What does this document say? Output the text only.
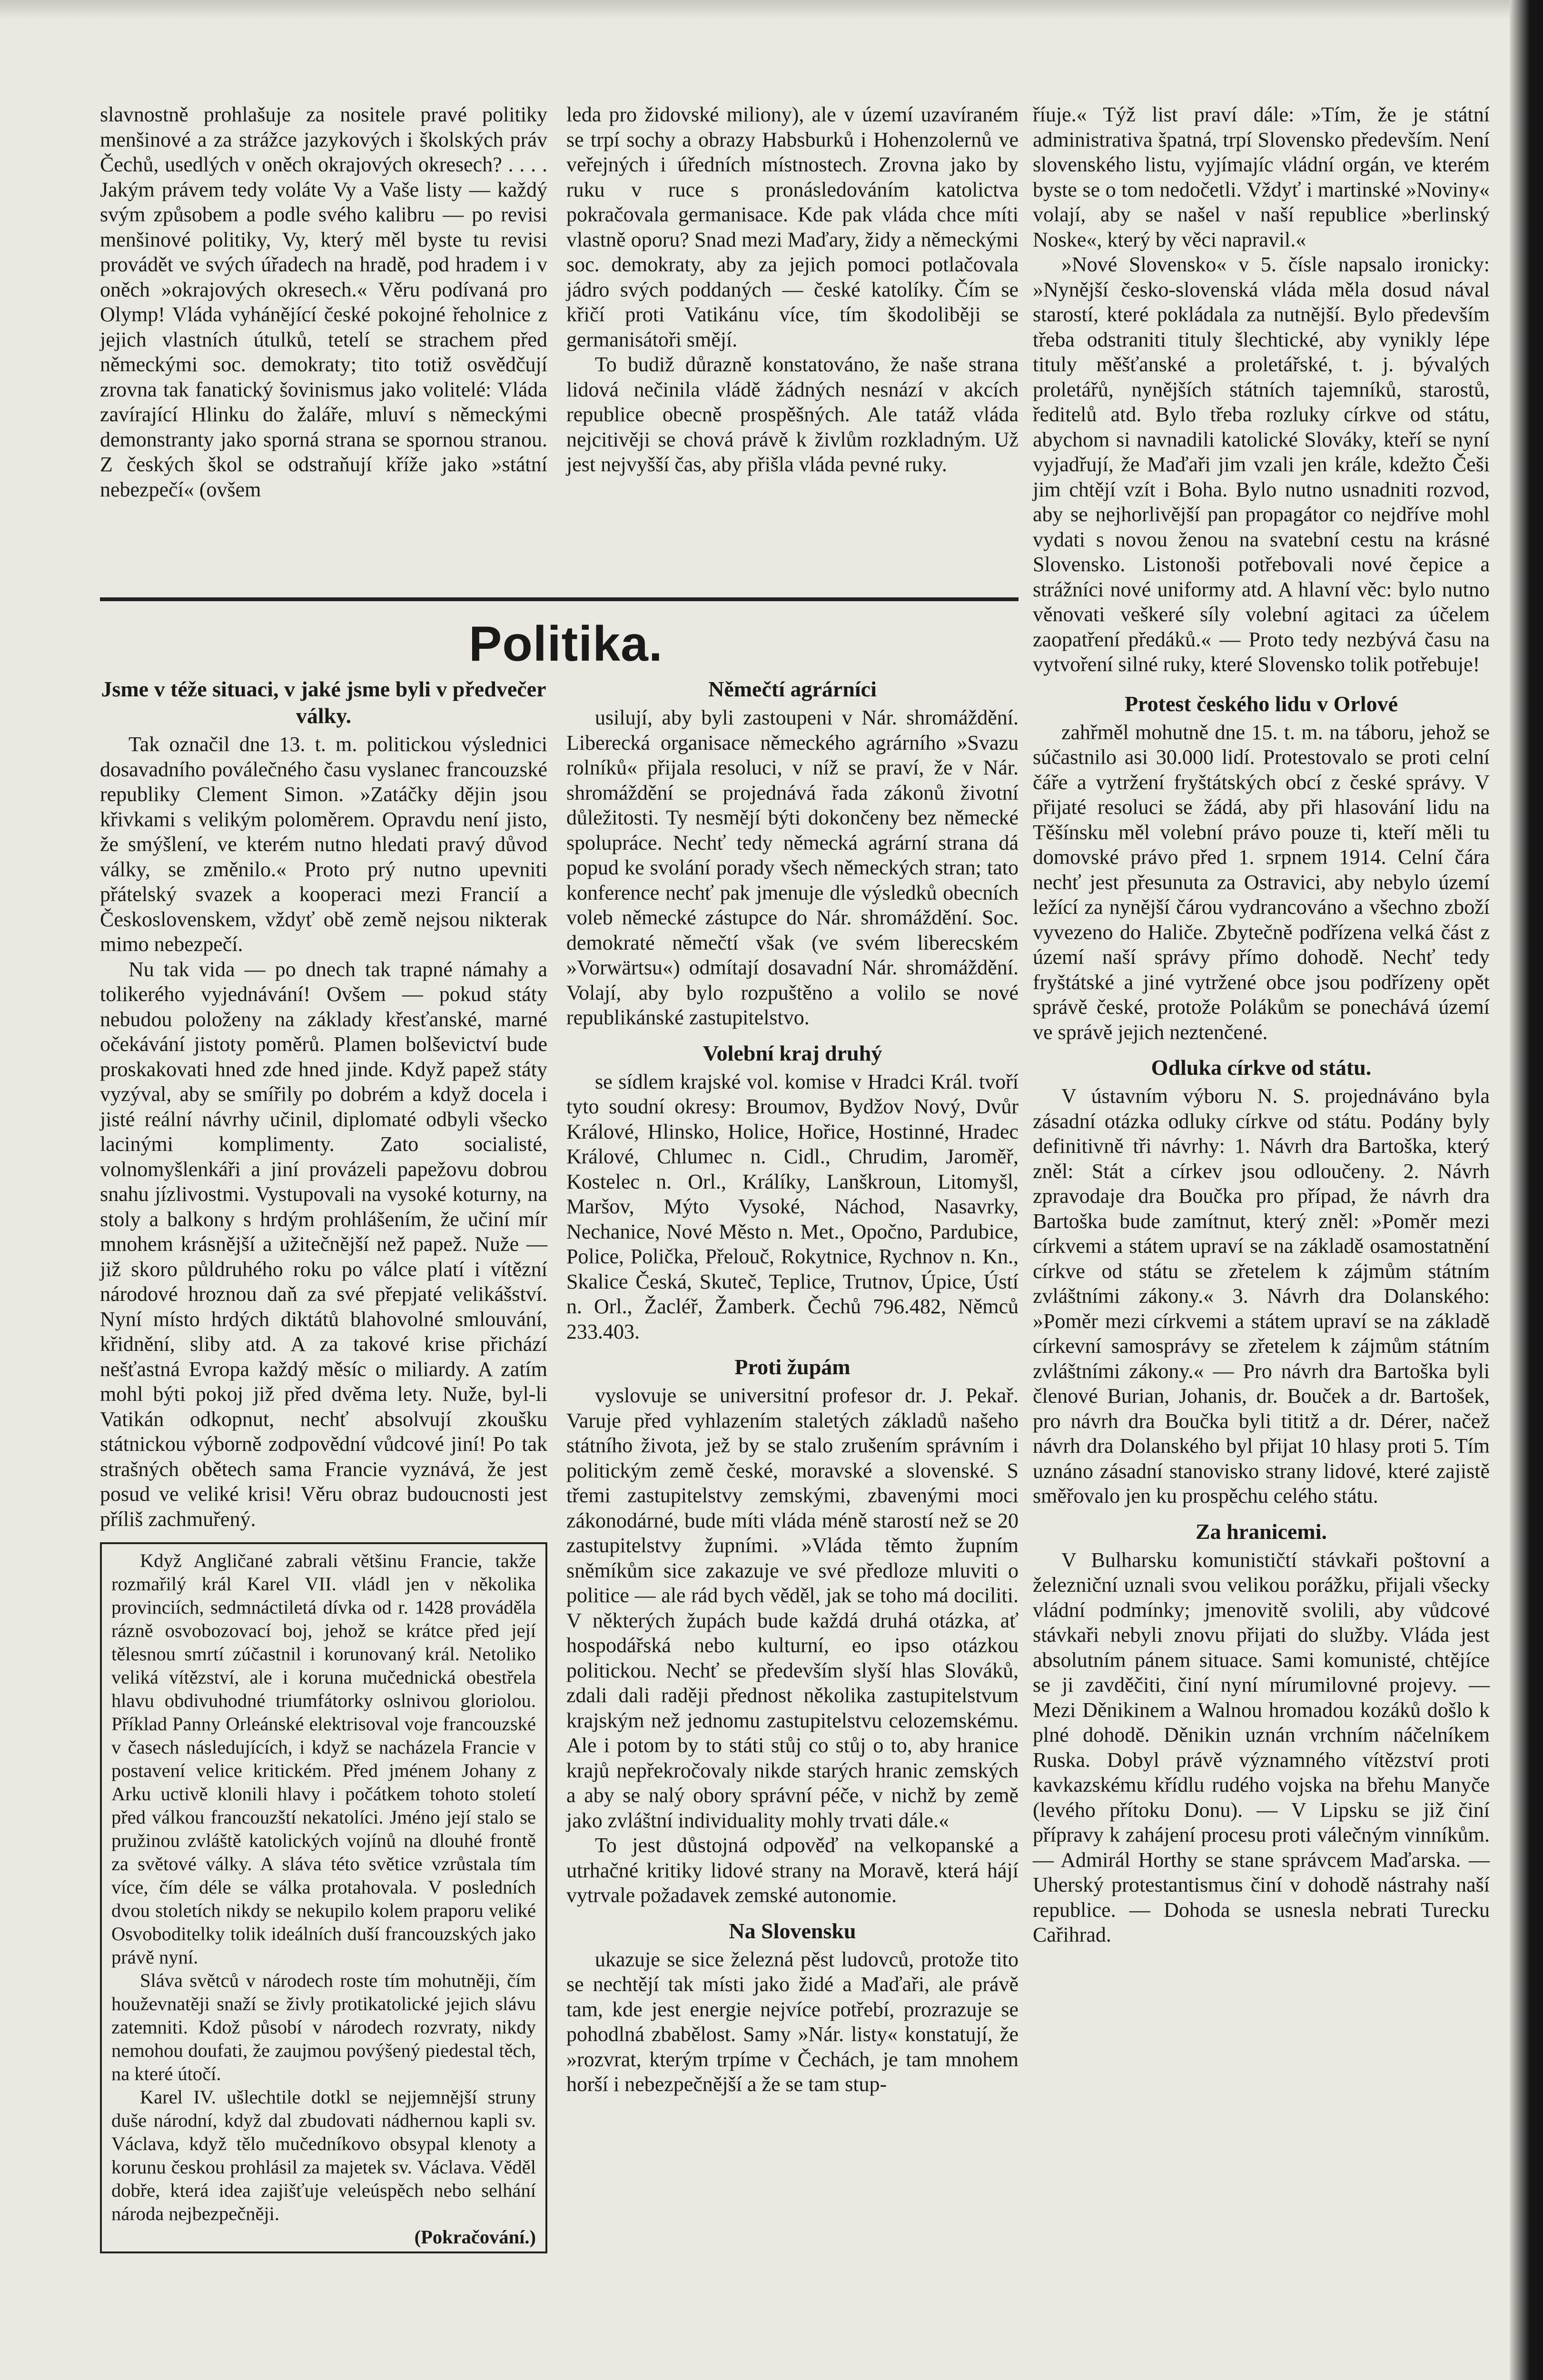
slavnostně prohlašuje za nositele pravé politiky menšinové a za strážce jazykových i školských práv Čechů, usedlých v oněch okrajových okresech? . . . . Jakým právem tedy voláte Vy a Vaše listy — každý svým způsobem a podle svého kalibru — po revisi menšinové politiky, Vy, který měl byste tu revisi provádět ve svých úřadech na hradě, pod hradem i v oněch »okrajových okresech.« Věru podívaná pro Olymp! Vláda vyhánějící české pokojné řeholnice z jejich vlastních útulků, tetelí se strachem před německými soc. demokraty; tito totiž osvědčují zrovna tak fanatický šovinismus jako volitelé: Vláda zavírající Hlinku do žaláře, mluví s německými demonstranty jako sporná strana se spornou stranou. Z českých škol se odstraňují kříže jako »státní nebezpečí« (ovšem

leda pro židovské miliony), ale v území uzavíraném se trpí sochy a obrazy Habsburků i Hohenzolernů ve veřejných i úředních místnostech. Zrovna jako by ruku v ruce s pronásledováním katolictva pokračovala germanisace. Kde pak vláda chce míti vlastně oporu? Snad mezi Maďary, židy a německými soc. demokraty, aby za jejich pomoci potlačovala jádro svých poddaných — české katolíky. Čím se křičí proti Vatikánu více, tím škodoliběji se germanisátoři smějí.

To budiž důrazně konstatováno, že naše strana lidová nečinila vládě žádných nesnází v akcích republice obecně prospěšných. Ale tatáž vláda nejcitivěji se chová právě k živlům rozkladným. Už jest nejvyšší čas, aby přišla vláda pevné ruky.

Politika.
Jsme v téže situaci, v jaké jsme byli v předvečer války.

Tak označil dne 13. t. m. politickou výslednici dosavadního poválečného času vyslanec francouzské republiky Clement Simon. »Zatáčky dějin jsou křivkami s velikým poloměrem. Opravdu není jisto, že smýšlení, ve kterém nutno hledati pravý důvod války, se změnilo.« Proto prý nutno upevniti přátelský svazek a kooperaci mezi Francií a Československem, vždyť obě země nejsou nikterak mimo nebezpečí.

Nu tak vida — po dnech tak trapné námahy a tolikerého vyjednávání! Ovšem — pokud státy nebudou položeny na základy křesťanské, marné očekávání jistoty poměrů. Plamen bolševictví bude proskakovati hned zde hned jinde. Když papež státy vyzýval, aby se smířily po dobrém a když docela i jisté reální návrhy učinil, diplomaté odbyli všecko lacinými komplimenty. Zato socialisté, volnomyšlenkáři a jiní provázeli papežovu dobrou snahu jízlivostmi. Vystupovali na vysoké koturny, na stoly a balkony s hrdým prohlášením, že učiní mír mnohem krásnější a užitečnější než papež. Nuže — již skoro půldruhého roku po válce platí i vítězní národové hroznou daň za své přepjaté velikášství. Nyní místo hrdých diktátů blahovolné smlouvání, křidnění, sliby atd. A za takové krise přichází nešťastná Evropa každý měsíc o miliardy. A zatím mohl býti pokoj již před dvěma lety. Nuže, byl-li Vatikán odkopnut, nechť absolvují zkoušku státnickou výborně zodpovědní vůdcové jiní! Po tak strašných obětech sama Francie vyznává, že jest posud ve veliké krisi! Věru obraz budoucnosti jest příliš zachmuřený.

Když Angličané zabrali většinu Francie, takže rozmařilý král Karel VII. vládl jen v několika provinciích, sedmnáctiletá dívka od r. 1428 prováděla rázně osvobozovací boj, jehož se krátce před její tělesnou smrtí zúčastnil i korunovaný král. Netoliko veliká vítězství, ale i koruna mučednická obestřela hlavu obdivuhodné triumfátorky oslnivou gloriolou. Příklad Panny Orleánské elektrisoval voje francouzské v časech následujících, i když se nacházela Francie v postavení velice kritickém. Před jménem Johany z Arku uctivě klonili hlavy i počátkem tohoto století před válkou francouzští nekatolíci. Jméno její stalo se pružinou zvláště katolických vojínů na dlouhé frontě za světové války. A sláva této světice vzrůstala tím více, čím déle se válka protahovala. V posledních dvou stoletích nikdy se nekupilo kolem praporu veliké Osvoboditelky tolik ideálních duší francouzských jako právě nyní.

Sláva světců v národech roste tím mohutněji, čím houževnatěji snaží se živly protikatolické jejich slávu zatemniti. Kdož působí v národech rozvraty, nikdy nemohou doufati, že zaujmou povýšený piedestal těch, na které útočí.

Karel IV. ušlechtile dotkl se nejjemnější struny duše národní, když dal zbudovati nádhernou kapli sv. Václava, když tělo mučedníkovo obsypal klenoty a korunu českou prohlásil za majetek sv. Václava. Věděl dobře, která idea zajišťuje veleúspěch nebo selhání národa nejbezpečněji.

(Pokračování.)
Němečtí agrárníci

usilují, aby byli zastoupeni v Nár. shromáždění. Liberecká organisace německého agrárního »Svazu rolníků« přijala resoluci, v níž se praví, že v Nár. shromáždění se projednává řada zákonů životní důležitosti. Ty nesmějí býti dokončeny bez německé spolupráce. Nechť tedy německá agrární strana dá popud ke svolání porady všech německých stran; tato konference nechť pak jmenuje dle výsledků obecních voleb německé zástupce do Nár. shromáždění. Soc. demokraté němečtí však (ve svém liberecském »Vorwärtsu«) odmítají dosavadní Nár. shromáždění. Volají, aby bylo rozpuštěno a volilo se nové republikánské zastupitelstvo.

Volební kraj druhý

se sídlem krajské vol. komise v Hradci Král. tvoří tyto soudní okresy: Broumov, Bydžov Nový, Dvůr Králové, Hlinsko, Holice, Hořice, Hostinné, Hradec Králové, Chlumec n. Cidl., Chrudim, Jaroměř, Kostelec n. Orl., Králíky, Lanškroun, Litomyšl, Maršov, Mýto Vysoké, Náchod, Nasavrky, Nechanice, Nové Město n. Met., Opočno, Pardubice, Police, Polička, Přelouč, Rokytnice, Rychnov n. Kn., Skalice Česká, Skuteč, Teplice, Trutnov, Úpice, Ústí n. Orl., Žacléř, Žamberk. Čechů 796.482, Němců 233.403.

Proti župám

vyslovuje se universitní profesor dr. J. Pekař. Varuje před vyhlazením staletých základů našeho státního života, jež by se stalo zrušením správním i politickým země české, moravské a slovenské. S třemi zastupitelstvy zemskými, zbavenými moci zákonodárné, bude míti vláda méně starostí než se 20 zastupitelstvy župními. »Vláda těmto župním sněmíkům sice zakazuje ve své předloze mluviti o politice — ale rád bych věděl, jak se toho má dociliti. V některých župách bude každá druhá otázka, ať hospodářská nebo kulturní, eo ipso otázkou politickou. Nechť se především slyší hlas Slováků, zdali dali raději přednost několika zastupitelstvum krajským než jednomu zastupitelstvu celozemskému. Ale i potom by to státi stůj co stůj o to, aby hranice krajů nepřekročovaly nikde starých hranic zemských a aby se nalý obory správní péče, v nichž by země jako zvláštní individuality mohly trvati dále.«

To jest důstojná odpověď na velkopanské a utrhačné kritiky lidové strany na Moravě, která hájí vytrvale požadavek zemské autonomie.

Na Slovensku

ukazuje se sice železná pěst ludovců, protože tito se nechtějí tak místi jako židé a Maďaři, ale právě tam, kde jest energie nejvíce potřebí, prozrazuje se pohodlná zbabělost. Samy »Nár. listy« konstatují, že »rozvrat, kterým trpíme v Čechách, je tam mnohem horší i nebezpečnější a že se tam stup-

říuje.« Týž list praví dále: »Tím, že je státní administrativa špatná, trpí Slovensko především. Není slovenského listu, vyjímajíc vládní orgán, ve kterém byste se o tom nedočetli. Vždyť i martinské »Noviny« volají, aby se našel v naší republice »berlinský Noske«, který by věci napravil.«

»Nové Slovensko« v 5. čísle napsalo ironicky: »Nynější česko-slovenská vláda měla dosud nával starostí, které pokládala za nutnější. Bylo především třeba odstraniti tituly šlechtické, aby vynikly lépe tituly měšťanské a proletářské, t. j. bývalých proletářů, nynějších státních tajemníků, starostů, ředitelů atd. Bylo třeba rozluky církve od státu, abychom si navnadili katolické Slováky, kteří se nyní vyjadřují, že Maďaři jim vzali jen krále, kdežto Češi jim chtějí vzít i Boha. Bylo nutno usnadniti rozvod, aby se nejhorlivější pan propagátor co nejdříve mohl vydati s novou ženou na svatební cestu na krásné Slovensko. Listonoši potřebovali nové čepice a strážníci nové uniformy atd. A hlavní věc: bylo nutno věnovati veškeré síly volební agitaci za účelem zaopatření předáků.« — Proto tedy nezbývá času na vytvoření silné ruky, které Slovensko tolik potřebuje!

Protest českého lidu v Orlové

zahřměl mohutně dne 15. t. m. na táboru, jehož se súčastnilo asi 30.000 lidí. Protestovalo se proti celní čáře a vytržení fryštátských obcí z české správy. V přijaté resoluci se žádá, aby při hlasování lidu na Těšínsku měl volební právo pouze ti, kteří měli tu domovské právo před 1. srpnem 1914. Celní čára nechť jest přesunuta za Ostravici, aby nebylo území ležící za nynější čárou vydrancováno a všechno zboží vyvezeno do Haliče. Zbytečně podřízena velká část z území naší správy přímo dohodě. Nechť tedy fryštátské a jiné vytržené obce jsou podřízeny opět správě české, protože Polákům se ponechává území ve správě jejich neztenčené.

Odluka církve od státu.

V ústavním výboru N. S. projednáváno byla zásadní otázka odluky církve od státu. Podány byly definitivně tři návrhy: 1. Návrh dra Bartoška, který zněl: Stát a církev jsou odloučeny. 2. Návrh zpravodaje dra Boučka pro případ, že návrh dra Bartoška bude zamítnut, který zněl: »Poměr mezi církvemi a státem upraví se na základě osamostatnění církve od státu se zřetelem k zájmům státním zvláštními zákony.« 3. Návrh dra Dolanského: »Poměr mezi církvemi a státem upraví se na základě církevní samosprávy se zřetelem k zájmům státním zvláštními zákony.« — Pro návrh dra Bartoška byli členové Burian, Johanis, dr. Bouček a dr. Bartošek, pro návrh dra Boučka byli tititž a dr. Dérer, načež návrh dra Dolanského byl přijat 10 hlasy proti 5. Tím uznáno zásadní stanovisko strany lidové, které zajistě směřovalo jen ku prospěchu celého státu.

Za hranicemi.

V Bulharsku komunističtí stávkaři poštovní a železniční uznali svou velikou porážku, přijali všecky vládní podmínky; jmenovitě svolili, aby vůdcové stávkaři nebyli znovu přijati do služby. Vláda jest absolutním pánem situace. Sami komunisté, chtějíce se ji zavděčiti, činí nyní mírumilovné projevy. — Mezi Děnikinem a Walnou hromadou kozáků došlo k plné dohodě. Děnikin uznán vrchním náčelníkem Ruska. Dobyl právě významného vítězství proti kavkazskému křídlu rudého vojska na břehu Manyče (levého přítoku Donu). — V Lipsku se již činí přípravy k zahájení procesu proti válečným vinníkům. — Admirál Horthy se stane správcem Maďarska. — Uherský protestantismus činí v dohodě nástrahy naší republice. — Dohoda se usnesla nebrati Turecku Cařihrad.
